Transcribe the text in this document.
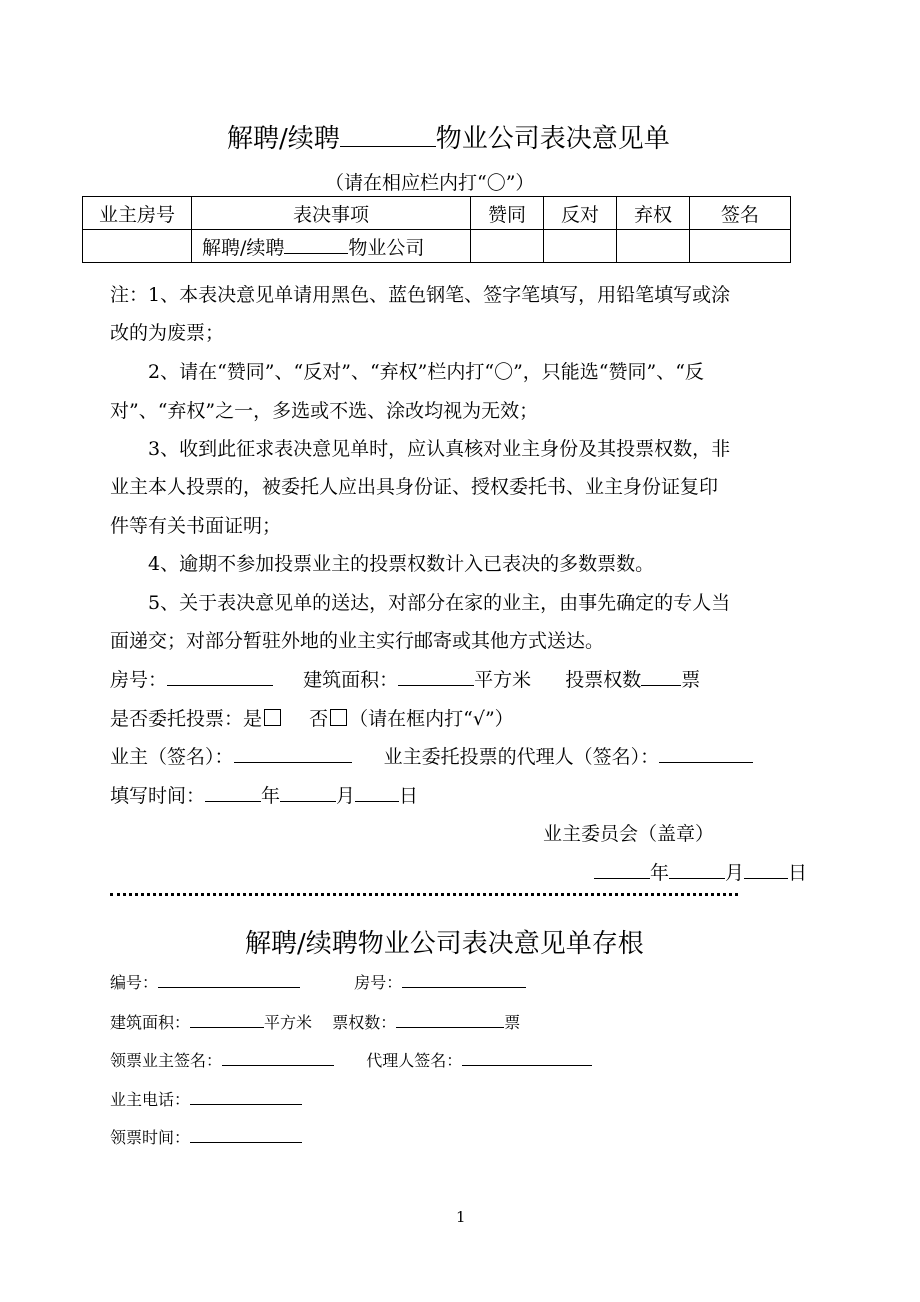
解聘/续聘	物业公司表决意见单
（请在相应栏内打“〇”）
业主房号	表决事项	赞同	反对	弃权	签名
	解聘/续聘 物业公司				
注：1、本表决意见单请用黑色、蓝色钢笔、签字笔填写，用铅笔填写或涂
改的为废票；
2、请在“赞同”、“反对”、“弃权”栏内打“〇”，只能选“赞同”、“反
对”、“弃权”之一，多选或不选、涂改均视为无效；
3、收到此征求表决意见单时，应认真核对业主身份及其投票权数，非
业主本人投票的，被委托人应出具身份证、授权委托书、业主身份证复印
件等有关书面证明；
4、逾期不参加投票业主的投票权数计入已表决的多数票数。
5、关于表决意见单的送达，对部分在家的业主，由事先确定的专人当
面递交；对部分暂驻外地的业主实行邮寄或其他方式送达。
房号：	建筑面积：	平方米 投票权数 票
是否委托投票：是 否 （请在框内打“√”）
业主（签名）：	业主委托投票的代理人（签名）：
填写时间：	年	月 日
业主委员会（盖章）
年	月 日
解聘/续聘物业公司表决意见单存根
编号：	房号：
建筑面积：	平方米 票权数：	票
领票业主签名：	代理人签名：
业主电话：
领票时间：
1
